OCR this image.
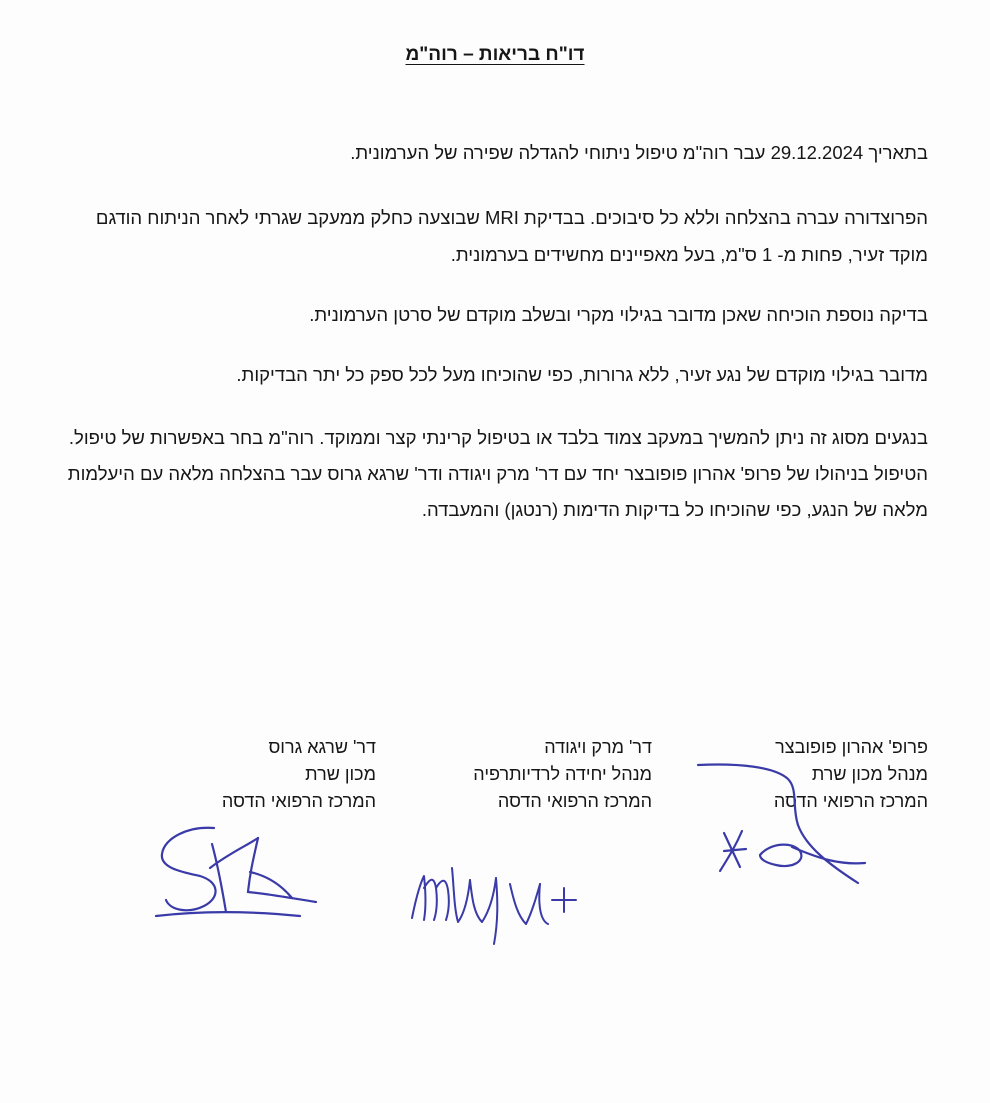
דו"ח בריאות – רוה"מ

בתאריך 29.12.2024 עבר רוה"מ טיפול ניתוחי להגדלה שפירה של הערמונית.

הפרוצדורה עברה בהצלחה וללא כל סיבוכים. בבדיקת MRI שבוצעה כחלק ממעקב שגרתי לאחר הניתוח הודגם מוקד זעיר, פחות מ- 1 ס"מ, בעל מאפיינים מחשידים בערמונית.

בדיקה נוספת הוכיחה שאכן מדובר בגילוי מקרי ובשלב מוקדם של סרטן הערמונית.

מדובר בגילוי מוקדם של נגע זעיר, ללא גרורות, כפי שהוכיחו מעל לכל ספק כל יתר הבדיקות.

בנגעים מסוג זה ניתן להמשיך במעקב צמוד בלבד או בטיפול קרינתי קצר וממוקד. רוה"מ בחר באפשרות של טיפול. הטיפול בניהולו של פרופ' אהרון פופובצר יחד עם דר' מרק ויגודה ודר' שרגא גרוס עבר בהצלחה מלאה עם היעלמות מלאה של הנגע, כפי שהוכיחו כל בדיקות הדימות (רנטגן) והמעבדה.

פרופ' אהרון פופובצר
מנהל מכון שרת
המרכז הרפואי הדסה
דר' מרק ויגודה
מנהל יחידה לרדיותרפיה
המרכז הרפואי הדסה
דר' שרגא גרוס
מכון שרת
המרכז הרפואי הדסה
